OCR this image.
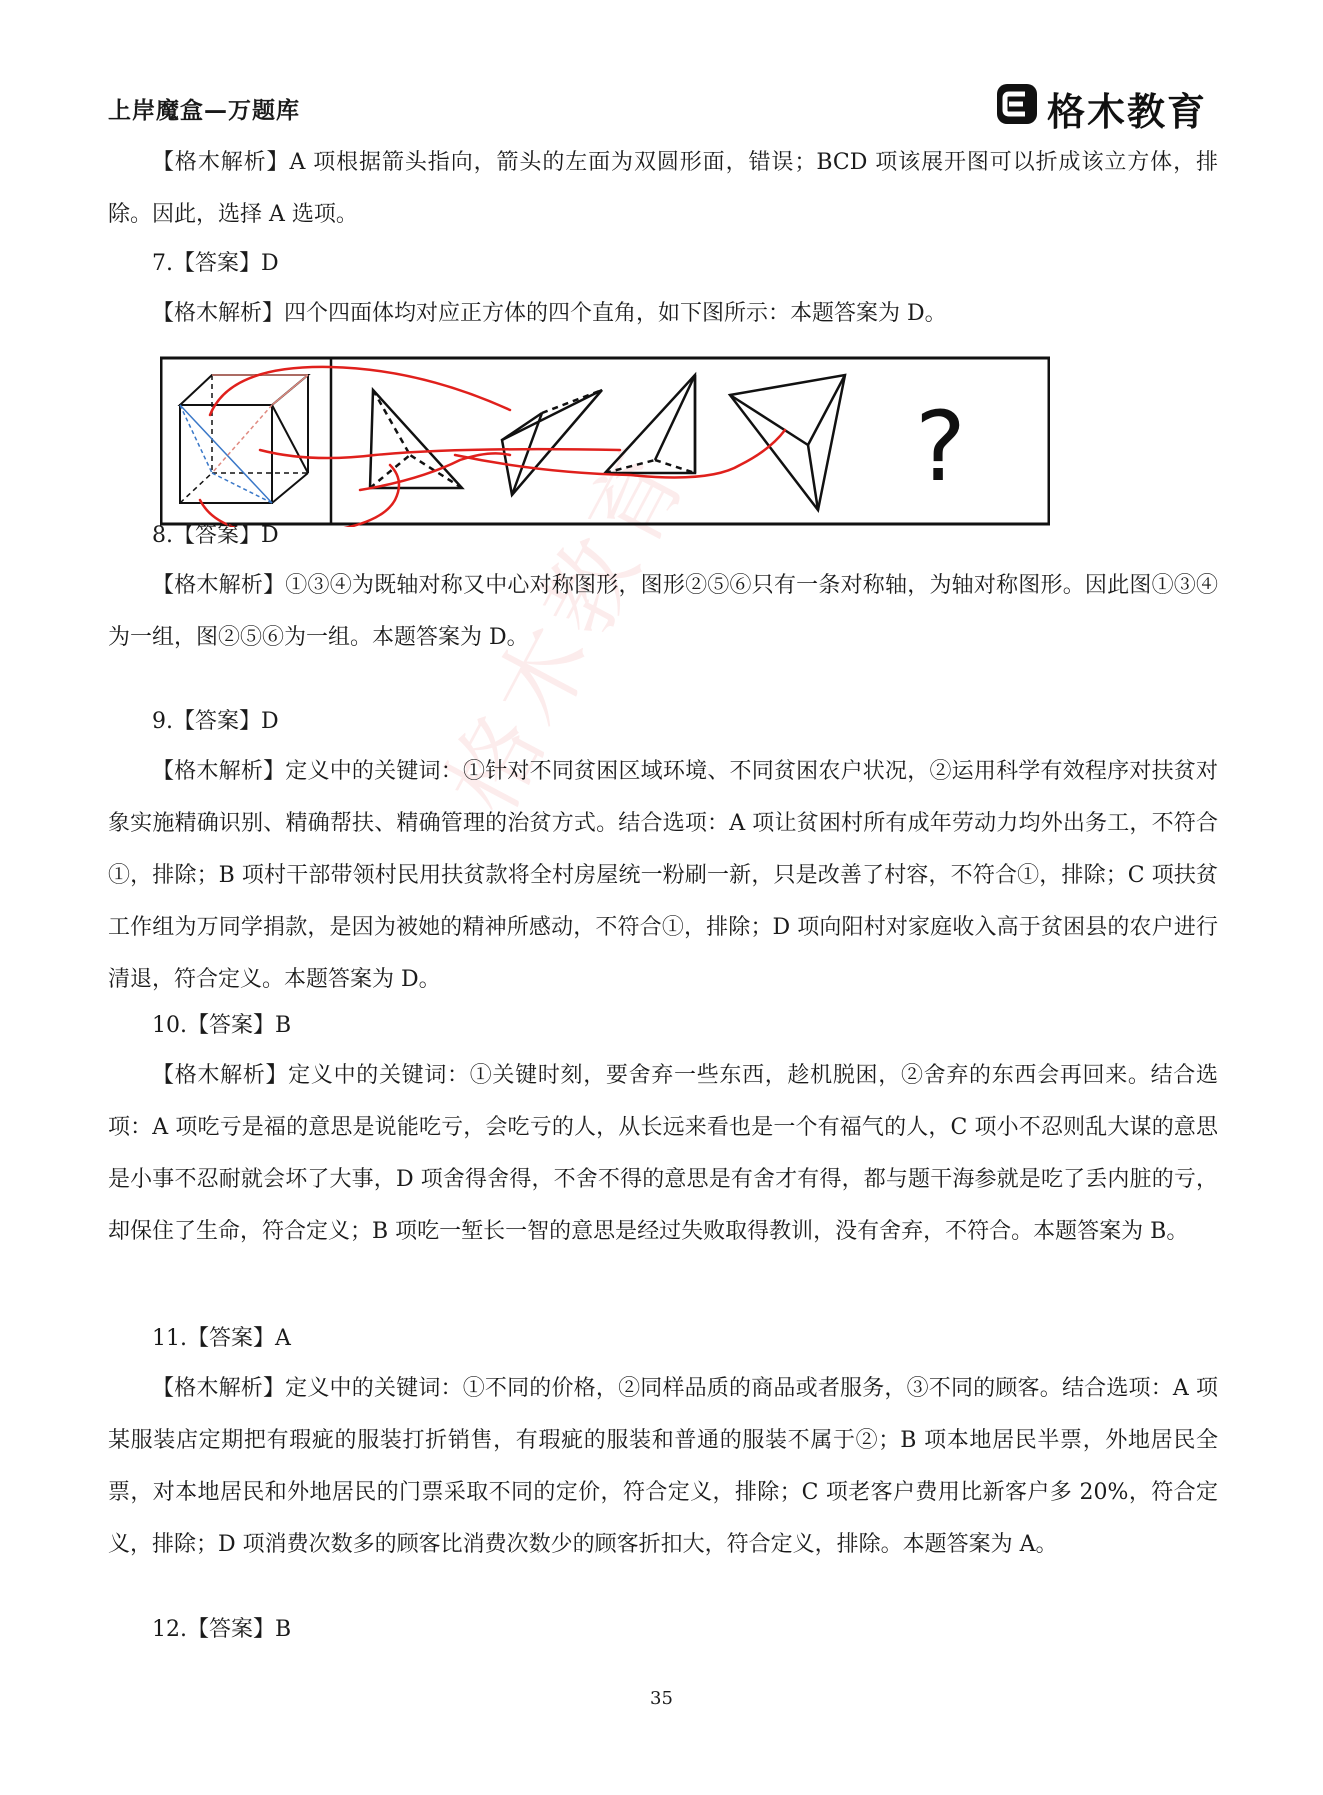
上岸魔盒—万题库	格木教育
格木教育
【格木解析】A 项根据箭头指向，箭头的左面为双圆形面，错误；BCD 项该展开图可以折成该立方体，排除。因此，选择 A 选项。
7.【答案】D
【格木解析】四个四面体均对应正方体的四个直角，如下图所示：本题答案为 D。
?
8.【答案】D
【格木解析】①③④为既轴对称又中心对称图形，图形②⑤⑥只有一条对称轴，为轴对称图形。因此图①③④为一组，图②⑤⑥为一组。本题答案为 D。
9.【答案】D
【格木解析】定义中的关键词：①针对不同贫困区域环境、不同贫困农户状况，②运用科学有效程序对扶贫对象实施精确识别、精确帮扶、精确管理的治贫方式。结合选项：A 项让贫困村所有成年劳动力均外出务工，不符合①，排除；B 项村干部带领村民用扶贫款将全村房屋统一粉刷一新，只是改善了村容，不符合①，排除；C 项扶贫工作组为万同学捐款，是因为被她的精神所感动，不符合①，排除；D 项向阳村对家庭收入高于贫困县的农户进行清退，符合定义。本题答案为 D。
10.【答案】B
【格木解析】定义中的关键词：①关键时刻，要舍弃一些东西，趁机脱困，②舍弃的东西会再回来。结合选项：A 项吃亏是福的意思是说能吃亏，会吃亏的人，从长远来看也是一个有福气的人，C 项小不忍则乱大谋的意思是小事不忍耐就会坏了大事，D 项舍得舍得，不舍不得的意思是有舍才有得，都与题干海参就是吃了丢内脏的亏，却保住了生命，符合定义；B 项吃一堑长一智的意思是经过失败取得教训，没有舍弃，不符合。本题答案为 B。
11.【答案】A
【格木解析】定义中的关键词：①不同的价格，②同样品质的商品或者服务，③不同的顾客。结合选项：A 项某服装店定期把有瑕疵的服装打折销售，有瑕疵的服装和普通的服装不属于②；B 项本地居民半票，外地居民全票，对本地居民和外地居民的门票采取不同的定价，符合定义，排除；C 项老客户费用比新客户多 20%，符合定义，排除；D 项消费次数多的顾客比消费次数少的顾客折扣大，符合定义，排除。本题答案为 A。
12.【答案】B
35
